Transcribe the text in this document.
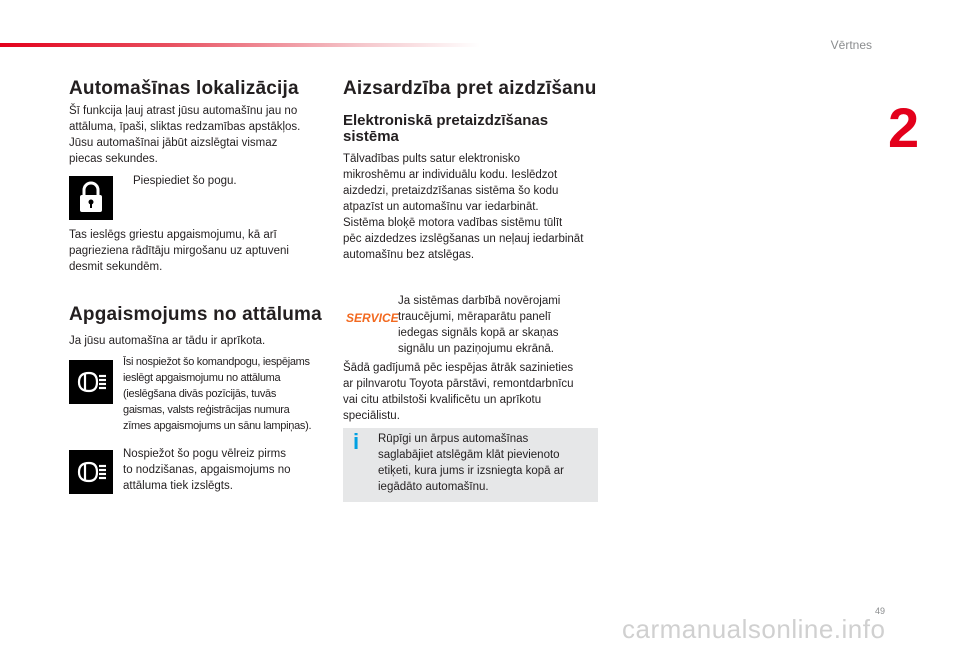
Vērtnes
2
Automašīnas lokalizācija
Šī funkcija ļauj atrast jūsu automašīnu jau no
attāluma, īpaši, sliktas redzamības apstākļos.
Jūsu automašīnai jābūt aizslēgtai vismaz
piecas sekundes.
Piespiediet šo pogu.
Tas ieslēgs griestu apgaismojumu, kā arī
pagrieziena rādītāju mirgošanu uz aptuveni
desmit sekundēm.
Apgaismojums no attāluma
Ja jūsu automašīna ar tādu ir aprīkota.
Īsi nospiežot šo komandpogu, iespējams
ieslēgt apgaismojumu no attāluma
(ieslēgšana divās pozīcijās, tuvās
gaismas, valsts reģistrācijas numura
zīmes apgaismojums un sānu lampiņas).
Nospiežot šo pogu vēlreiz pirms
to nodzišanas, apgaismojums no
attāluma tiek izslēgts.
Aizsardzība pret aizdzīšanu
Elektroniskā pretaizdzīšanas
sistēma
Tālvadības pults satur elektronisko
mikroshēmu ar individuālu kodu. Ieslēdzot
aizdedzi, pretaizdzīšanas sistēma šo kodu
atpazīst un automašīnu var iedarbināt.
Sistēma bloķē motora vadības sistēmu tūlīt
pēc aizdedzes izslēgšanas un neļauj iedarbināt
automašīnu bez atslēgas.
SERVICE
Ja sistēmas darbībā novērojami
traucējumi, mēraparātu panelī
iedegas signāls kopā ar skaņas
signālu un paziņojumu ekrānā.
Šādā gadījumā pēc iespējas ātrāk sazinieties
ar pilnvarotu Toyota pārstāvi, remontdarbnīcu
vai citu atbilstoši kvalificētu un aprīkotu
speciālistu.
i Rūpīgi un ārpus automašīnas
saglabājiet atslēgām klāt pievienoto
etiķeti, kura jums ir izsniegta kopā ar
iegādāto automašīnu.
49
carmanualsonline.info
